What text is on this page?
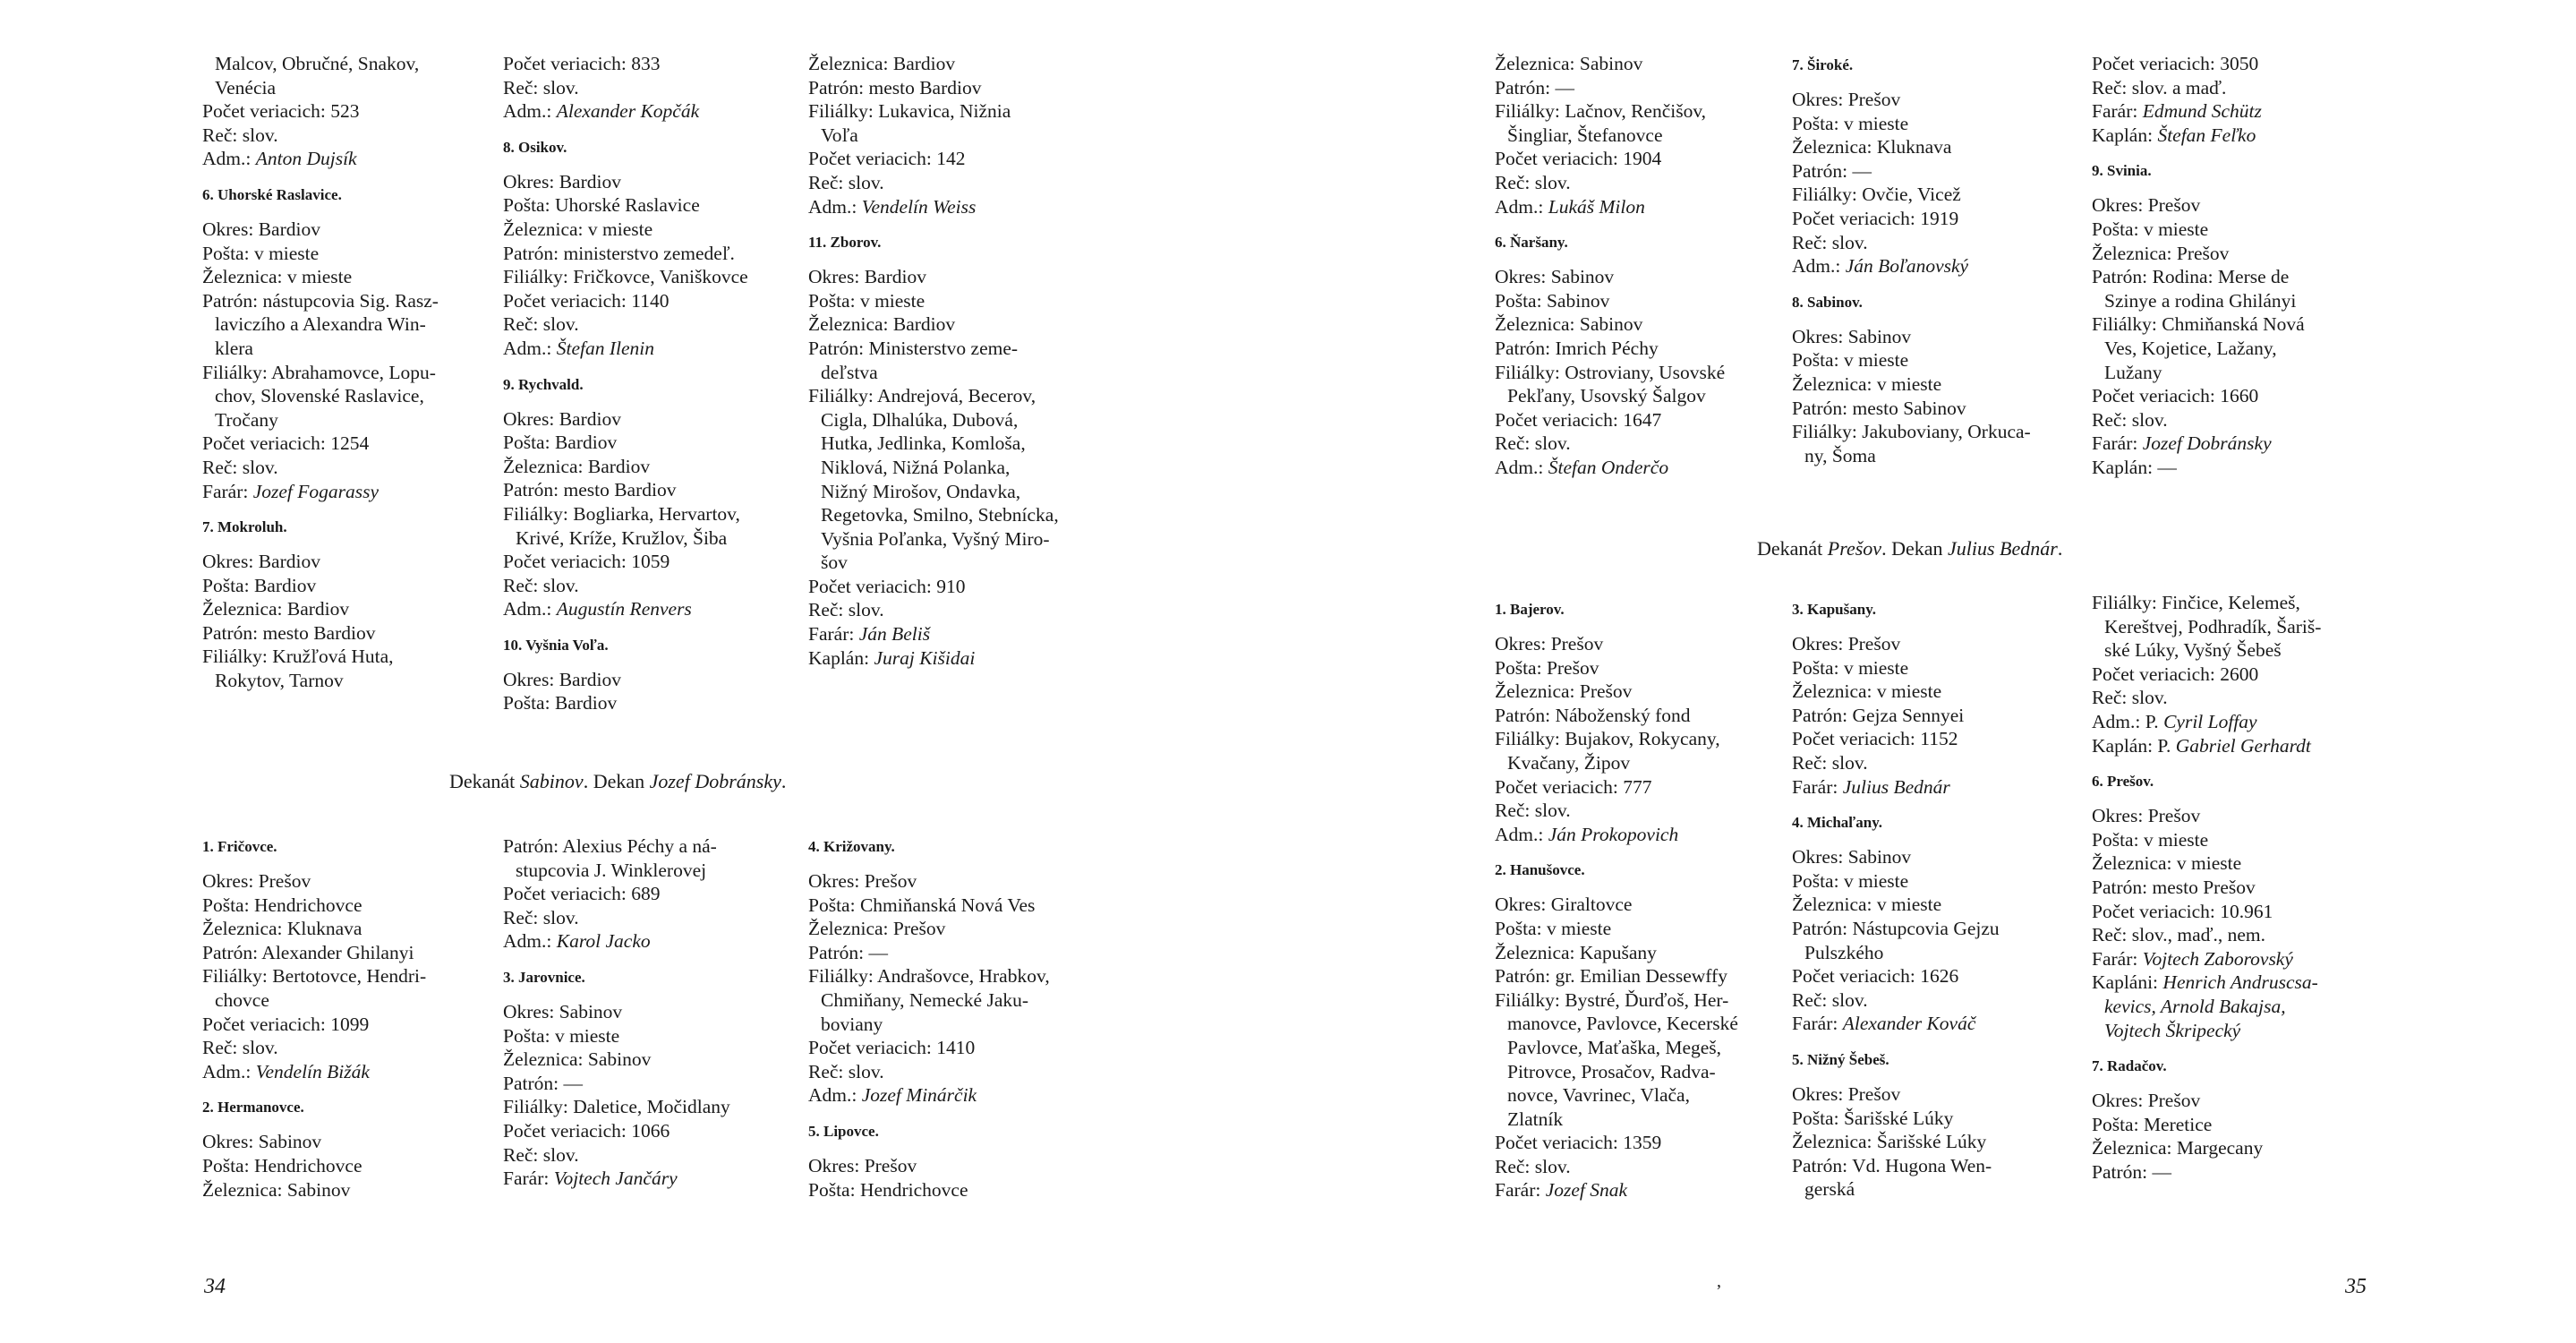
Malcov, Obručné, Snakov,
Venécia
Počet veriacich: 523
Reč: slov.
Adm.: Anton Dujsík
6. Uhorské Raslavice.
Okres: Bardiov
Pošta: v mieste
Železnica: v mieste
Patrón: nástupcovia Sig. Rasz-
laviczího a Alexandra Win-
klera
Filiálky: Abrahamovce, Lopu-
chov, Slovenské Raslavice,
Tročany
Počet veriacich: 1254
Reč: slov.
Farár: Jozef Fogarassy
7. Mokroluh.
Okres: Bardiov
Pošta: Bardiov
Železnica: Bardiov
Patrón: mesto Bardiov
Filiálky: Kružľová Huta,
Rokytov, Tarnov
Počet veriacich: 833
Reč: slov.
Adm.: Alexander Kopčák
8. Osikov.
Okres: Bardiov
Pošta: Uhorské Raslavice
Železnica: v mieste
Patrón: ministerstvo zemedeľ.
Filiálky: Fričkovce, Vaniškovce
Počet veriacich: 1140
Reč: slov.
Adm.: Štefan Ilenin
9. Rychvald.
Okres: Bardiov
Pošta: Bardiov
Železnica: Bardiov
Patrón: mesto Bardiov
Filiálky: Bogliarka, Hervartov,
Krivé, Kríže, Kružlov, Šiba
Počet veriacich: 1059
Reč: slov.
Adm.: Augustín Renvers
10. Vyšnia Voľa.
Okres: Bardiov
Pošta: Bardiov
Železnica: Bardiov
Patrón: mesto Bardiov
Filiálky: Lukavica, Nižnia
Voľa
Počet veriacich: 142
Reč: slov.
Adm.: Vendelín Weiss
11. Zborov.
Okres: Bardiov
Pošta: v mieste
Železnica: Bardiov
Patrón: Ministerstvo zeme-
deľstva
Filiálky: Andrejová, Becerov,
Cigla, Dlhalúka, Dubová,
Hutka, Jedlinka, Komloša,
Niklová, Nižná Polanka,
Nižný Mirošov, Ondavka,
Regetovka, Smilno, Stebnícka,
Vyšnia Poľanka, Vyšný Miro-
šov
Počet veriacich: 910
Reč: slov.
Farár: Ján Beliš
Kaplán: Juraj Kišidai
Dekanát Sabinov. Dekan Jozef Dobránsky.
1. Fričovce.
Okres: Prešov
Pošta: Hendrichovce
Železnica: Kluknava
Patrón: Alexander Ghilanyi
Filiálky: Bertotovce, Hendri-
chovce
Počet veriacich: 1099
Reč: slov.
Adm.: Vendelín Bižák
2. Hermanovce.
Okres: Sabinov
Pošta: Hendrichovce
Železnica: Sabinov
Patrón: Alexius Péchy a ná-
stupcovia J. Winklerovej
Počet veriacich: 689
Reč: slov.
Adm.: Karol Jacko
3. Jarovnice.
Okres: Sabinov
Pošta: v mieste
Železnica: Sabinov
Patrón: —
Filiálky: Daletice, Močidlany
Počet veriacich: 1066
Reč: slov.
Farár: Vojtech Jančáry
4. Križovany.
Okres: Prešov
Pošta: Chmiňanská Nová Ves
Železnica: Prešov
Patrón: —
Filiálky: Andrašovce, Hrabkov,
Chmiňany, Nemecké Jaku-
boviany
Počet veriacich: 1410
Reč: slov.
Adm.: Jozef Minárčik
5. Lipovce.
Okres: Prešov
Pošta: Hendrichovce
34
Železnica: Sabinov
Patrón: —
Filiálky: Lačnov, Renčišov,
Šingliar, Štefanovce
Počet veriacich: 1904
Reč: slov.
Adm.: Lukáš Milon
6. Ňaršany.
Okres: Sabinov
Pošta: Sabinov
Železnica: Sabinov
Patrón: Imrich Péchy
Filiálky: Ostroviany, Usovské
Pekľany, Usovský Šalgov
Počet veriacich: 1647
Reč: slov.
Adm.: Štefan Onderčo
7. Široké.
Okres: Prešov
Pošta: v mieste
Železnica: Kluknava
Patrón: —
Filiálky: Ovčie, Vicež
Počet veriacich: 1919
Reč: slov.
Adm.: Ján Boľanovský
8. Sabinov.
Okres: Sabinov
Pošta: v mieste
Železnica: v mieste
Patrón: mesto Sabinov
Filiálky: Jakuboviany, Orkuca-
ny, Šoma
Počet veriacich: 3050
Reč: slov. a maď.
Farár: Edmund Schütz
Kaplán: Štefan Feľko
9. Svinia.
Okres: Prešov
Pošta: v mieste
Železnica: Prešov
Patrón: Rodina: Merse de
Szinye a rodina Ghilányi
Filiálky: Chmiňanská Nová
Ves, Kojetice, Lažany,
Lužany
Počet veriacich: 1660
Reč: slov.
Farár: Jozef Dobránsky
Kaplán: —
Dekanát Prešov. Dekan Julius Bednár.
1. Bajerov.
Okres: Prešov
Pošta: Prešov
Železnica: Prešov
Patrón: Náboženský fond
Filiálky: Bujakov, Rokycany,
Kvačany, Žipov
Počet veriacich: 777
Reč: slov.
Adm.: Ján Prokopovich
2. Hanušovce.
Okres: Giraltovce
Pošta: v mieste
Železnica: Kapušany
Patrón: gr. Emilian Dessewffy
Filiálky: Bystré, Ďurďoš, Her-
manovce, Pavlovce, Kecerské
Pavlovce, Maťaška, Megeš,
Pitrovce, Prosačov, Radva-
novce, Vavrinec, Vlača,
Zlatník
Počet veriacich: 1359
Reč: slov.
Farár: Jozef Snak
3. Kapušany.
Okres: Prešov
Pošta: v mieste
Železnica: v mieste
Patrón: Gejza Sennyei
Počet veriacich: 1152
Reč: slov.
Farár: Julius Bednár
4. Michaľany.
Okres: Sabinov
Pošta: v mieste
Železnica: v mieste
Patrón: Nástupcovia Gejzu
Pulszkého
Počet veriacich: 1626
Reč: slov.
Farár: Alexander Kováč
5. Nižný Šebeš.
Okres: Prešov
Pošta: Šarišské Lúky
Železnica: Šarišské Lúky
Patrón: Vd. Hugona Wen-
gerská
Filiálky: Finčice, Kelemeš,
Kereštvej, Podhradík, Šariš-
ské Lúky, Vyšný Šebeš
Počet veriacich: 2600
Reč: slov.
Adm.: P. Cyril Loffay
Kaplán: P. Gabriel Gerhardt
6. Prešov.
Okres: Prešov
Pošta: v mieste
Železnica: v mieste
Patrón: mesto Prešov
Počet veriacich: 10.961
Reč: slov., maď., nem.
Farár: Vojtech Zaborovský
Kapláni: Henrich Andruscsa-
kevics, Arnold Bakajsa,
Vojtech Škripecký
7. Radačov.
Okres: Prešov
Pošta: Meretice
Železnica: Margecany
Patrón: —
,	35
